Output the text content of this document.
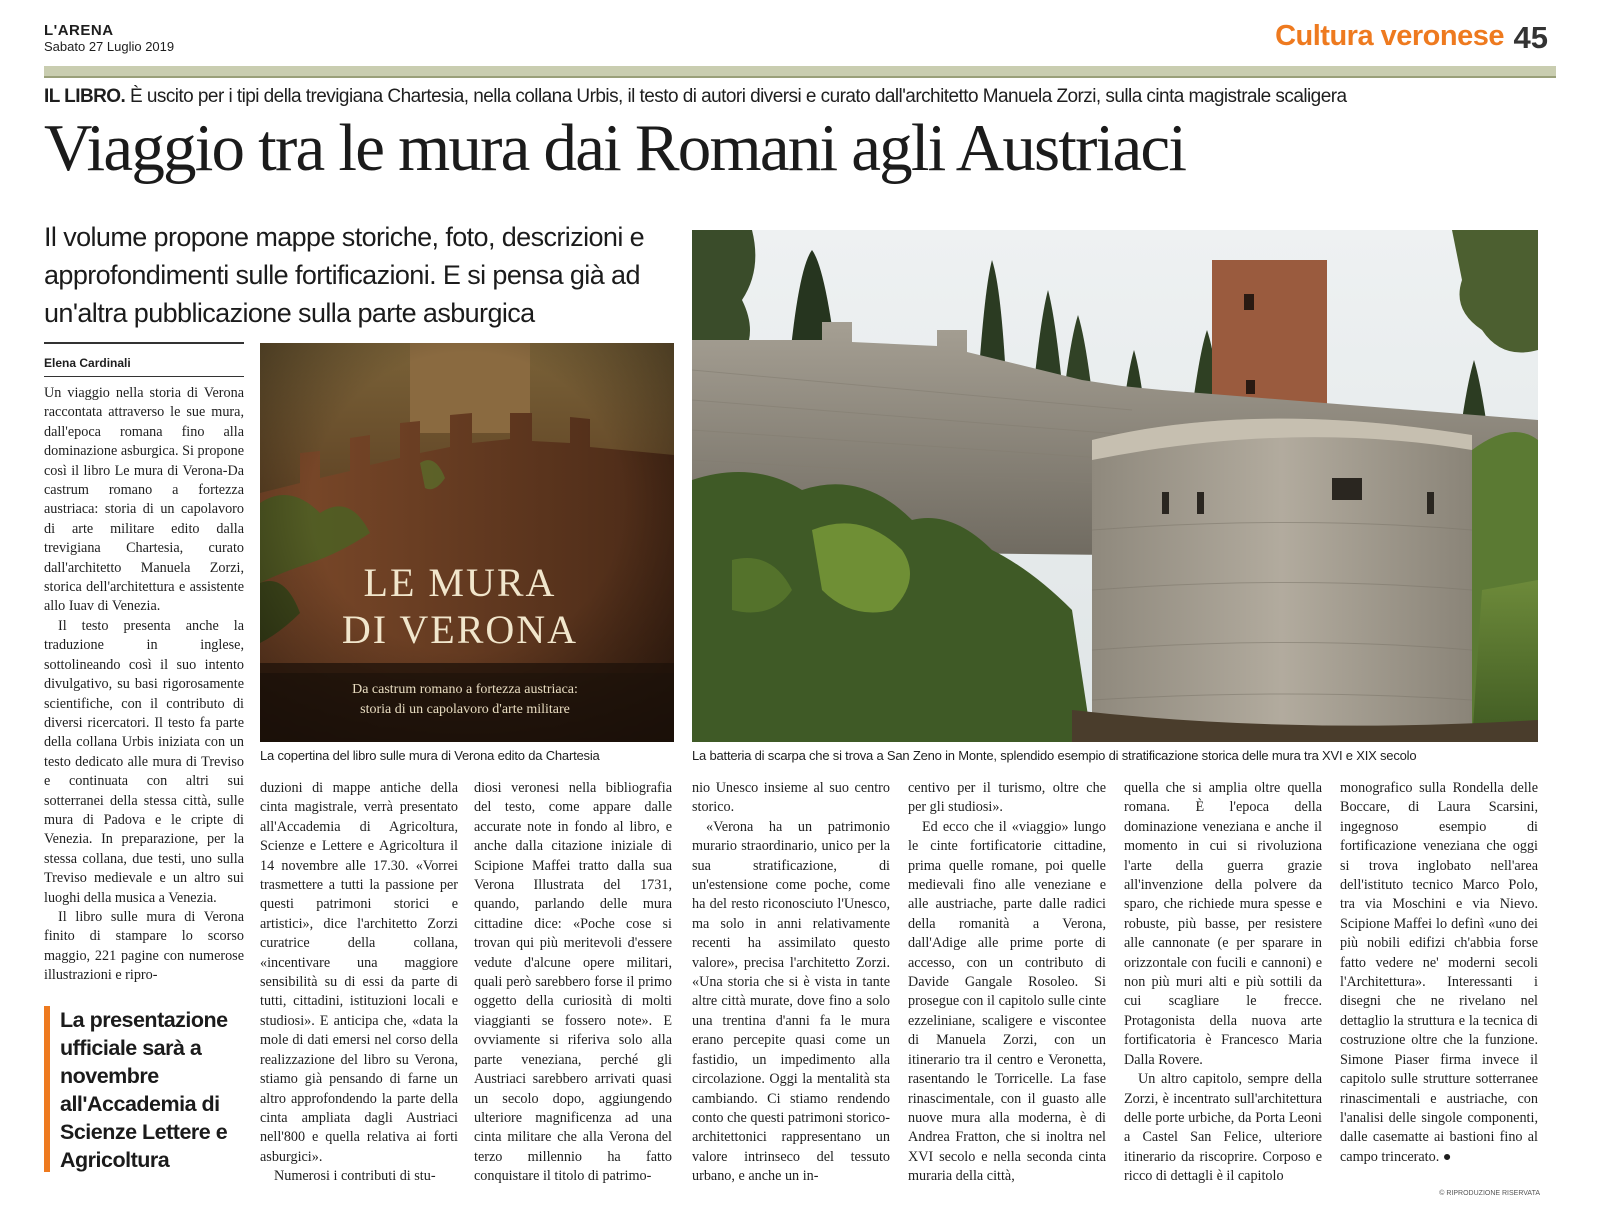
L'ARENA
Sabato 27 Luglio 2019	Cultura veronese 45
IL LIBRO. È uscito per i tipi della trevigiana Chartesia, nella collana Urbis, il testo di autori diversi e curato dall'architetto Manuela Zorzi, sulla cinta magistrale scaligera
Viaggio tra le mura dai Romani agli Austriaci
Il volume propone mappe storiche, foto, descrizioni e approfondimenti sulle fortificazioni. E si pensa già ad un'altra pubblicazione sulla parte asburgica
Elena Cardinali

Un viaggio nella storia di Verona raccontata attraverso le sue mura, dall'epoca romana fino alla dominazione asburgica. Si propone così il libro Le mura di Verona-Da castrum romano a fortezza austriaca: storia di un capolavoro di arte militare edito dalla trevigiana Chartesia, curato dall'architetto Manuela Zorzi, storica dell'architettura e assistente allo Iuav di Venezia.

Il testo presenta anche la traduzione in inglese, sottolineando così il suo intento divulgativo, su basi rigorosamente scientifiche, con il contributo di diversi ricercatori. Il testo fa parte della collana Urbis iniziata con un testo dedicato alle mura di Treviso e continuata con altri sui sotterranei della stessa città, sulle mura di Padova e le cripte di Venezia. In preparazione, per la stessa collana, due testi, uno sulla Treviso medievale e un altro sui luoghi della musica a Venezia.

Il libro sulle mura di Verona finito di stampare lo scorso maggio, 221 pagine con numerose illustrazioni e ripro-

La presentazione ufficiale sarà a novembre all'Accademia di Scienze Lettere e Agricoltura
LE MURA
DI VERONA
Da castrum romano a fortezza austriaca:
storia di un capolavoro d'arte militare
La copertina del libro sulle mura di Verona edito da Chartesia	La batteria di scarpa che si trova a San Zeno in Monte, splendido esempio di stratificazione storica delle mura tra XVI e XIX secolo

duzioni di mappe antiche della cinta magistrale, verrà presentato all'Accademia di Agricoltura, Scienze e Lettere e Agricoltura il 14 novembre alle 17.30. «Vorrei trasmettere a tutti la passione per questi patrimoni storici e artistici», dice l'architetto Zorzi curatrice della collana, «incentivare una maggiore sensibilità su di essi da parte di tutti, cittadini, istituzioni locali e studiosi». E anticipa che, «data la mole di dati emersi nel corso della realizzazione del libro su Verona, stiamo già pensando di farne un altro approfondendo la parte della cinta ampliata dagli Austriaci nell'800 e quella relativa ai forti asburgici».

Numerosi i contributi di stu-

diosi veronesi nella bibliografia del testo, come appare dalle accurate note in fondo al libro, e anche dalla citazione iniziale di Scipione Maffei tratto dalla sua Verona Illustrata del 1731, quando, parlando delle mura cittadine dice: «Poche cose si trovan qui più meritevoli d'essere vedute d'alcune opere militari, quali però sarebbero forse il primo oggetto della curiosità di molti viaggianti se fossero note». E ovviamente si riferiva solo alla parte veneziana, perché gli Austriaci sarebbero arrivati quasi un secolo dopo, aggiungendo ulteriore magnificenza ad una cinta militare che alla Verona del terzo millennio ha fatto conquistare il titolo di patrimo-

nio Unesco insieme al suo centro storico.

«Verona ha un patrimonio murario straordinario, unico per la sua stratificazione, di un'estensione come poche, come ha del resto riconosciuto l'Unesco, ma solo in anni relativamente recenti ha assimilato questo valore», precisa l'architetto Zorzi. «Una storia che si è vista in tante altre città murate, dove fino a solo una trentina d'anni fa le mura erano percepite quasi come un fastidio, un impedimento alla circolazione. Oggi la mentalità sta cambiando. Ci stiamo rendendo conto che questi patrimoni storico-architettonici rappresentano un valore intrinseco del tessuto urbano, e anche un in-

centivo per il turismo, oltre che per gli studiosi».

Ed ecco che il «viaggio» lungo le cinte fortificatorie cittadine, prima quelle romane, poi quelle medievali fino alle veneziane e alle austriache, parte dalle radici della romanità a Verona, dall'Adige alle prime porte di accesso, con un contributo di Davide Gangale Rosoleo. Si prosegue con il capitolo sulle cinte ezzeliniane, scaligere e viscontee di Manuela Zorzi, con un itinerario tra il centro e Veronetta, rasentando le Torricelle. La fase rinascimentale, con il guasto alle nuove mura alla moderna, è di Andrea Fratton, che si inoltra nel XVI secolo e nella seconda cinta muraria della città,

quella che si amplia oltre quella romana. È l'epoca della dominazione veneziana e anche il momento in cui si rivoluziona l'arte della guerra grazie all'invenzione della polvere da sparo, che richiede mura spesse e robuste, più basse, per resistere alle cannonate (e per sparare in orizzontale con fucili e cannoni) e non più muri alti e più sottili da cui scagliare le frecce. Protagonista della nuova arte fortificatoria è Francesco Maria Dalla Rovere.

Un altro capitolo, sempre della Zorzi, è incentrato sull'architettura delle porte urbiche, da Porta Leoni a Castel San Felice, ulteriore itinerario da riscoprire. Corposo e ricco di dettagli è il capitolo

monografico sulla Rondella delle Boccare, di Laura Scarsini, ingegnoso esempio di fortificazione veneziana che oggi si trova inglobato nell'area dell'istituto tecnico Marco Polo, tra via Moschini e via Nievo. Scipione Maffei lo definì «uno dei più nobili edifizi ch'abbia forse fatto vedere ne' moderni secoli l'Architettura». Interessanti i disegni che ne rivelano nel dettaglio la struttura e la tecnica di costruzione oltre che la funzione. Simone Piaser firma invece il capitolo sulle strutture sotterranee rinascimentali e austriache, con l'analisi delle singole componenti, dalle casematte ai bastioni fino al campo trincerato. ●

© RIPRODUZIONE RISERVATA
